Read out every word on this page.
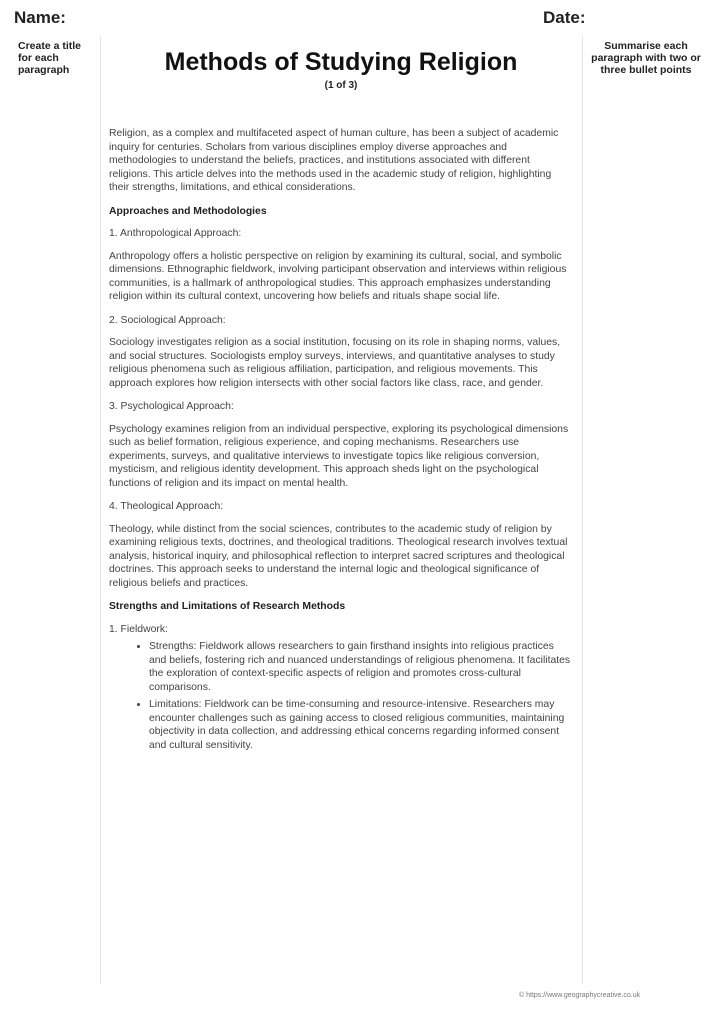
Name:	Date:
Create a title for each paragraph
Summarise each paragraph with two or three bullet points
Methods of Studying Religion
(1 of 3)

Religion, as a complex and multifaceted aspect of human culture, has been a subject of academic inquiry for centuries. Scholars from various disciplines employ diverse approaches and methodologies to understand the beliefs, practices, and institutions associated with different religions. This article delves into the methods used in the academic study of religion, highlighting their strengths, limitations, and ethical considerations.

Approaches and Methodologies

1. Anthropological Approach:

Anthropology offers a holistic perspective on religion by examining its cultural, social, and symbolic dimensions. Ethnographic fieldwork, involving participant observation and interviews within religious communities, is a hallmark of anthropological studies. This approach emphasizes understanding religion within its cultural context, uncovering how beliefs and rituals shape social life.

2. Sociological Approach:

Sociology investigates religion as a social institution, focusing on its role in shaping norms, values, and social structures. Sociologists employ surveys, interviews, and quantitative analyses to study religious phenomena such as religious affiliation, participation, and religious movements. This approach explores how religion intersects with other social factors like class, race, and gender.

3. Psychological Approach:

Psychology examines religion from an individual perspective, exploring its psychological dimensions such as belief formation, religious experience, and coping mechanisms. Researchers use experiments, surveys, and qualitative interviews to investigate topics like religious conversion, mysticism, and religious identity development. This approach sheds light on the psychological functions of religion and its impact on mental health.

4. Theological Approach:

Theology, while distinct from the social sciences, contributes to the academic study of religion by examining religious texts, doctrines, and theological traditions. Theological research involves textual analysis, historical inquiry, and philosophical reflection to interpret sacred scriptures and theological doctrines. This approach seeks to understand the internal logic and theological significance of religious beliefs and practices.

Strengths and Limitations of Research Methods

1. Fieldwork:

• Strengths: Fieldwork allows researchers to gain firsthand insights into religious practices and beliefs, fostering rich and nuanced understandings of religious phenomena. It facilitates the exploration of context-specific aspects of religion and promotes cross-cultural comparisons.
• Limitations: Fieldwork can be time-consuming and resource-intensive. Researchers may encounter challenges such as gaining access to closed religious communities, maintaining objectivity in data collection, and addressing ethical concerns regarding informed consent and cultural sensitivity.
© https://www.geographycreative.co.uk
